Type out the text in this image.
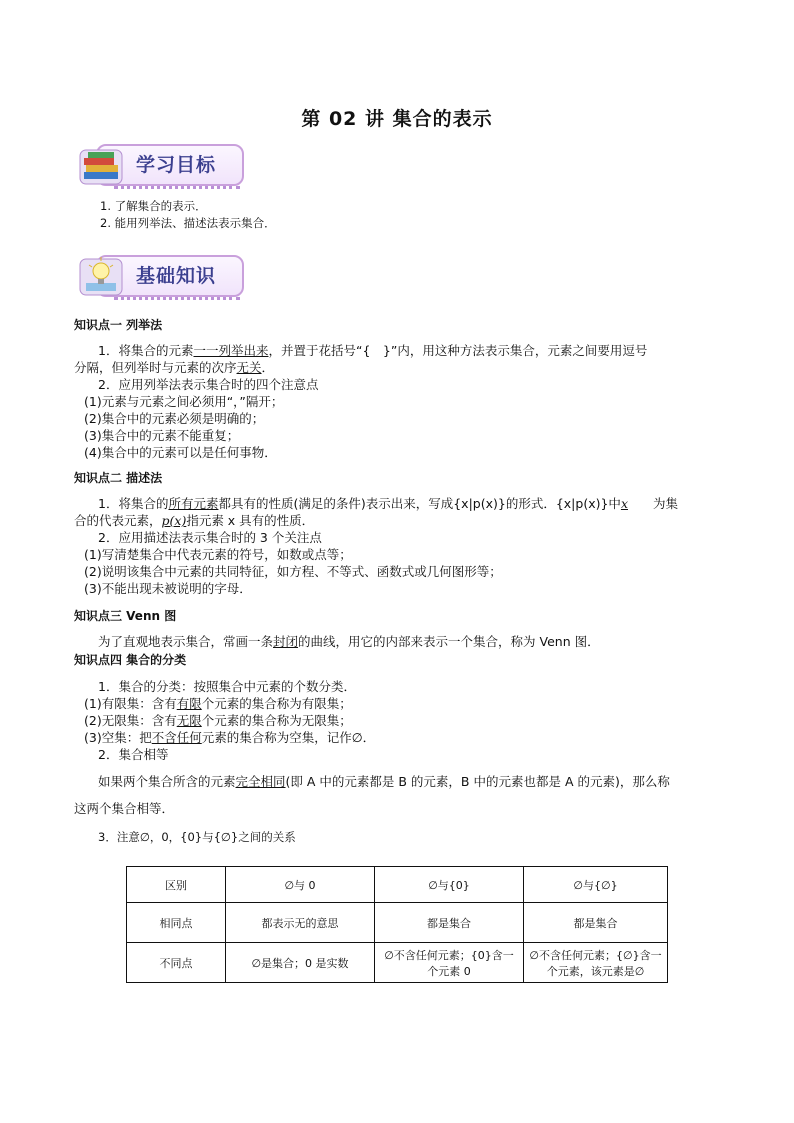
第 02 讲 集合的表示
学习目标
1. 了解集合的表示．
2. 能用列举法、描述法表示集合．
基础知识
知识点一 列举法
1．将集合的元素一一列举出来，并置于花括号“{　}”内，用这种方法表示集合，元素之间要用逗号
分隔，但列举时与元素的次序无关．
2．应用列举法表示集合时的四个注意点
(1)元素与元素之间必须用“，”隔开；
(2)集合中的元素必须是明确的；
(3)集合中的元素不能重复；
(4)集合中的元素可以是任何事物．
知识点二 描述法
1．将集合的所有元素都具有的性质(满足的条件)表示出来，写成{x|p(x)}的形式．{x|p(x)}中x　　 为集
合的代表元素，p(x)指元素 x 具有的性质．
2．应用描述法表示集合时的 3 个关注点
(1)写清楚集合中代表元素的符号，如数或点等；
(2)说明该集合中元素的共同特征，如方程、不等式、函数式或几何图形等；
(3)不能出现未被说明的字母．
知识点三 Venn 图
为了直观地表示集合，常画一条封闭的曲线，用它的内部来表示一个集合，称为 Venn 图．
知识点四 集合的分类
1．集合的分类：按照集合中元素的个数分类．
(1)有限集：含有有限个元素的集合称为有限集；
(2)无限集：含有无限个元素的集合称为无限集；
(3)空集：把不含任何元素的集合称为空集，记作∅．
2．集合相等
如果两个集合所含的元素完全相同(即 A 中的元素都是 B 的元素，B 中的元素也都是 A 的元素)，那么称
这两个集合相等．
3．注意∅，0，{0}与{∅}之间的关系
区别	∅与 0	∅与{0}	∅与{∅}
相同点	都表示无的意思	都是集合	都是集合
不同点	∅是集合；0 是实数	∅不含任何元素；{0}含一个元素 0	∅不含任何元素；{∅}含一个元素，该元素是∅
